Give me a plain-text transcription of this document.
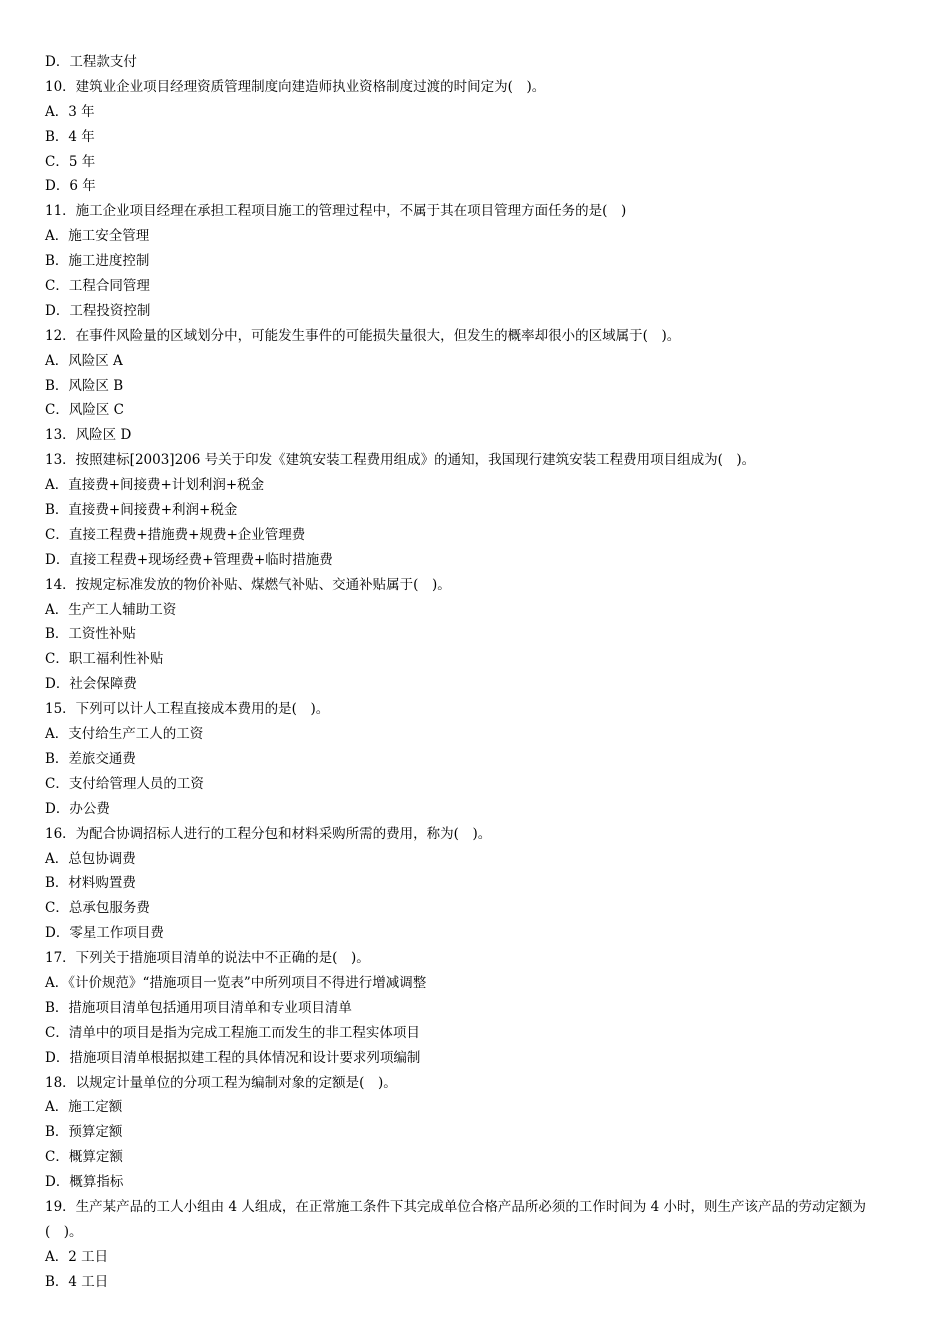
D．工程款支付
10．建筑业企业项目经理资质管理制度向建造师执业资格制度过渡的时间定为(　)。
A．3 年
B．4 年
C．5 年
D．6 年
11．施工企业项目经理在承担工程项目施工的管理过程中，不属于其在项目管理方面任务的是(　)
A．施工安全管理
B．施工进度控制
C．工程合同管理
D．工程投资控制
12．在事件风险量的区域划分中，可能发生事件的可能损失量很大，但发生的概率却很小的区域属于(　)。
A．风险区 A
B．风险区 B
C．风险区 C
13．风险区 D
13．按照建标[2003]206 号关于印发《建筑安装工程费用组成》的通知，我国现行建筑安装工程费用项目组成为(　)。
A．直接费+间接费+计划利润+税金
B．直接费+间接费+利润+税金
C．直接工程费+措施费+规费+企业管理费
D．直接工程费+现场经费+管理费+临时措施费
14．按规定标准发放的物价补贴、煤燃气补贴、交通补贴属于(　)。
A．生产工人辅助工资
B．工资性补贴
C．职工福利性补贴
D．社会保障费
15．下列可以计人工程直接成本费用的是(　)。
A．支付给生产工人的工资
B．差旅交通费
C．支付给管理人员的工资
D．办公费
16．为配合协调招标人进行的工程分包和材料采购所需的费用，称为(　)。
A．总包协调费
B．材料购置费
C．总承包服务费
D．零星工作项目费
17．下列关于措施项目清单的说法中不正确的是(　)。
A．《计价规范》“措施项目一览表”中所列项目不得进行增减调整
B．措施项目清单包括通用项目清单和专业项目清单
C．清单中的项目是指为完成工程施工而发生的非工程实体项目
D．措施项目清单根据拟建工程的具体情况和设计要求列项编制
18．以规定计量单位的分项工程为编制对象的定额是(　)。
A．施工定额
B．预算定额
C．概算定额
D．概算指标
19．生产某产品的工人小组由 4 人组成，在正常施工条件下其完成单位合格产品所必须的工作时间为 4 小时，则生产该产品的劳动定额为
(　)。
A．2 工日
B．4 工日
